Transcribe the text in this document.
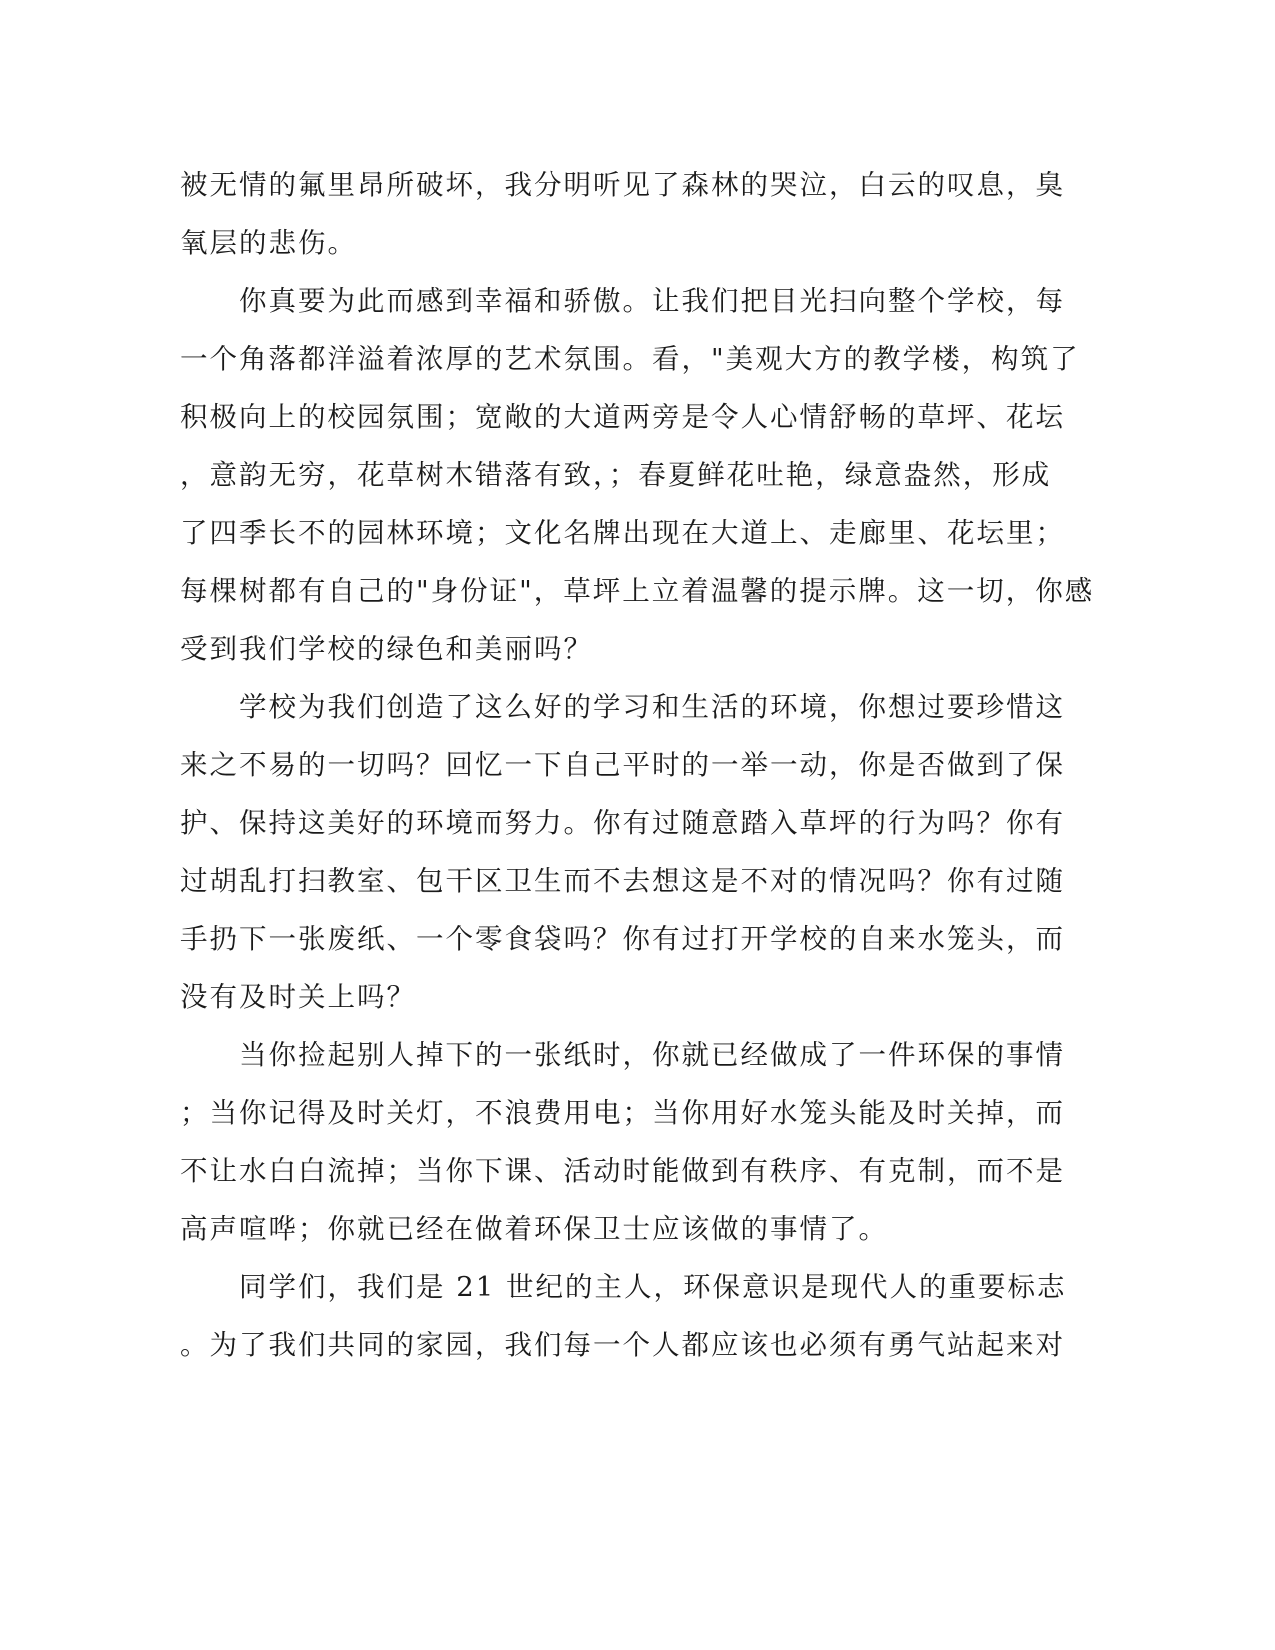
被无情的氟里昂所破坏，我分明听见了森林的哭泣，白云的叹息，臭

氧层的悲伤。

　　你真要为此而感到幸福和骄傲。让我们把目光扫向整个学校，每

一个角落都洋溢着浓厚的艺术氛围。看，"美观大方的教学楼，构筑了

积极向上的校园氛围；宽敞的大道两旁是令人心情舒畅的草坪、花坛

，意韵无穷，花草树木错落有致，；春夏鲜花吐艳，绿意盎然，形成

了四季长不的园林环境；文化名牌出现在大道上、走廊里、花坛里；

每棵树都有自己的"身份证"，草坪上立着温馨的提示牌。这一切，你感

受到我们学校的绿色和美丽吗？

　　学校为我们创造了这么好的学习和生活的环境，你想过要珍惜这

来之不易的一切吗？回忆一下自己平时的一举一动，你是否做到了保

护、保持这美好的环境而努力。你有过随意踏入草坪的行为吗？你有

过胡乱打扫教室、包干区卫生而不去想这是不对的情况吗？你有过随

手扔下一张废纸、一个零食袋吗？你有过打开学校的自来水笼头，而

没有及时关上吗？

　　当你捡起别人掉下的一张纸时，你就已经做成了一件环保的事情

；当你记得及时关灯，不浪费用电；当你用好水笼头能及时关掉，而

不让水白白流掉；当你下课、活动时能做到有秩序、有克制，而不是

高声喧哗；你就已经在做着环保卫士应该做的事情了。

　　同学们，我们是 21 世纪的主人，环保意识是现代人的重要标志

。为了我们共同的家园，我们每一个人都应该也必须有勇气站起来对
